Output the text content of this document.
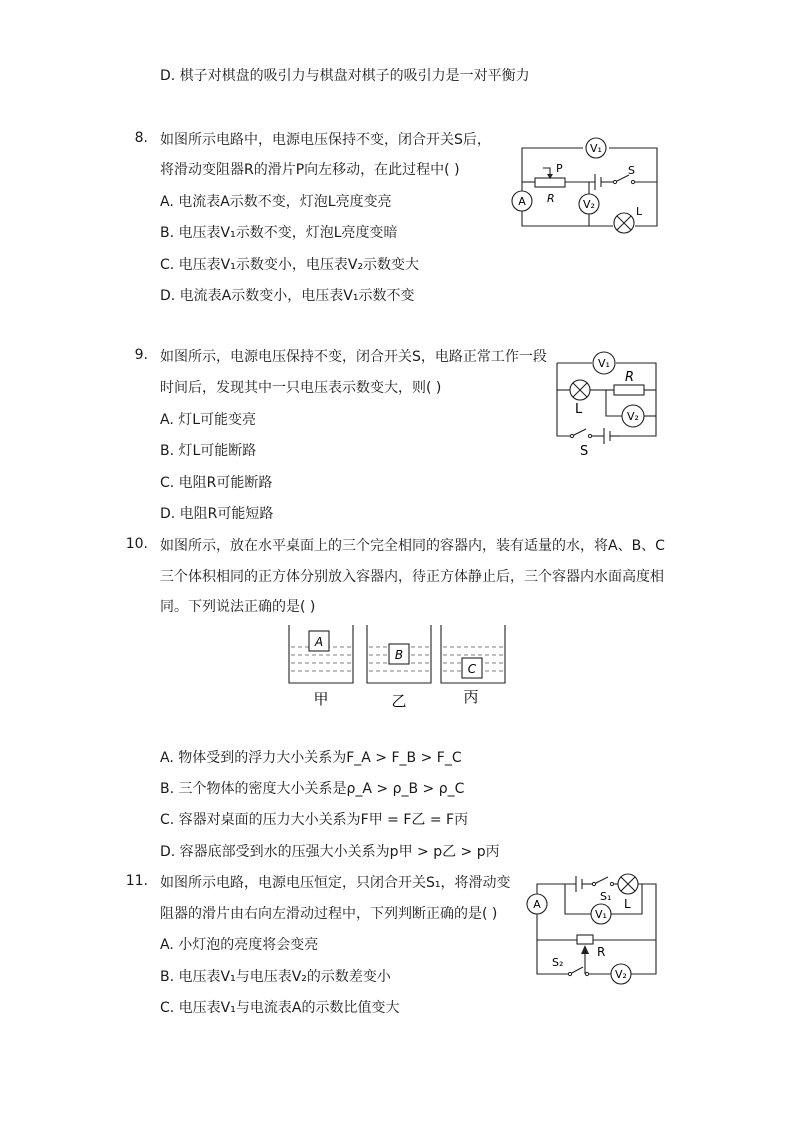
D. 棋子对棋盘的吸引力与棋盘对棋子的吸引力是一对平衡力
8. 如图所示电路中，电源电压保持不变，闭合开关S后，
将滑动变阻器R的滑片P向左移动，在此过程中( )
A. 电流表A示数不变，灯泡L亮度变亮
B. 电压表V₁示数不变，灯泡L亮度变暗
C. 电压表V₁示数变小，电压表V₂示数变大
D. 电流表A示数变小，电压表V₁示数不变
V₁
A	V₂
P
R
S
L
9. 如图所示，电源电压保持不变，闭合开关S，电路正常工作一段
时间后，发现其中一只电压表示数变大，则( )
A. 灯L可能变亮
B. 灯L可能断路
C. 电阻R可能断路
D. 电阻R可能短路
V₁
R
L	V₂
S
10. 如图所示，放在水平桌面上的三个完全相同的容器内，装有适量的水，将A、B、C
三个体积相同的正方体分别放入容器内，待正方体静止后，三个容器内水面高度相
同。下列说法正确的是( )
A
B
C
甲	乙	丙
A. 物体受到的浮力大小关系为F_A > F_B > F_C
B. 三个物体的密度大小关系是ρ_A > ρ_B > ρ_C
C. 容器对桌面的压力大小关系为F甲 = F乙 = F丙
D. 容器底部受到水的压强大小关系为p甲 > p乙 > p丙
11. 如图所示电路，电源电压恒定，只闭合开关S₁，将滑动变
阻器的滑片由右向左滑动过程中，下列判断正确的是( )
A. 小灯泡的亮度将会变亮
B. 电压表V₁与电压表V₂的示数差变小
C. 电压表V₁与电流表A的示数比值变大
A
S₁
L
V₁
R
S₂
V₂
